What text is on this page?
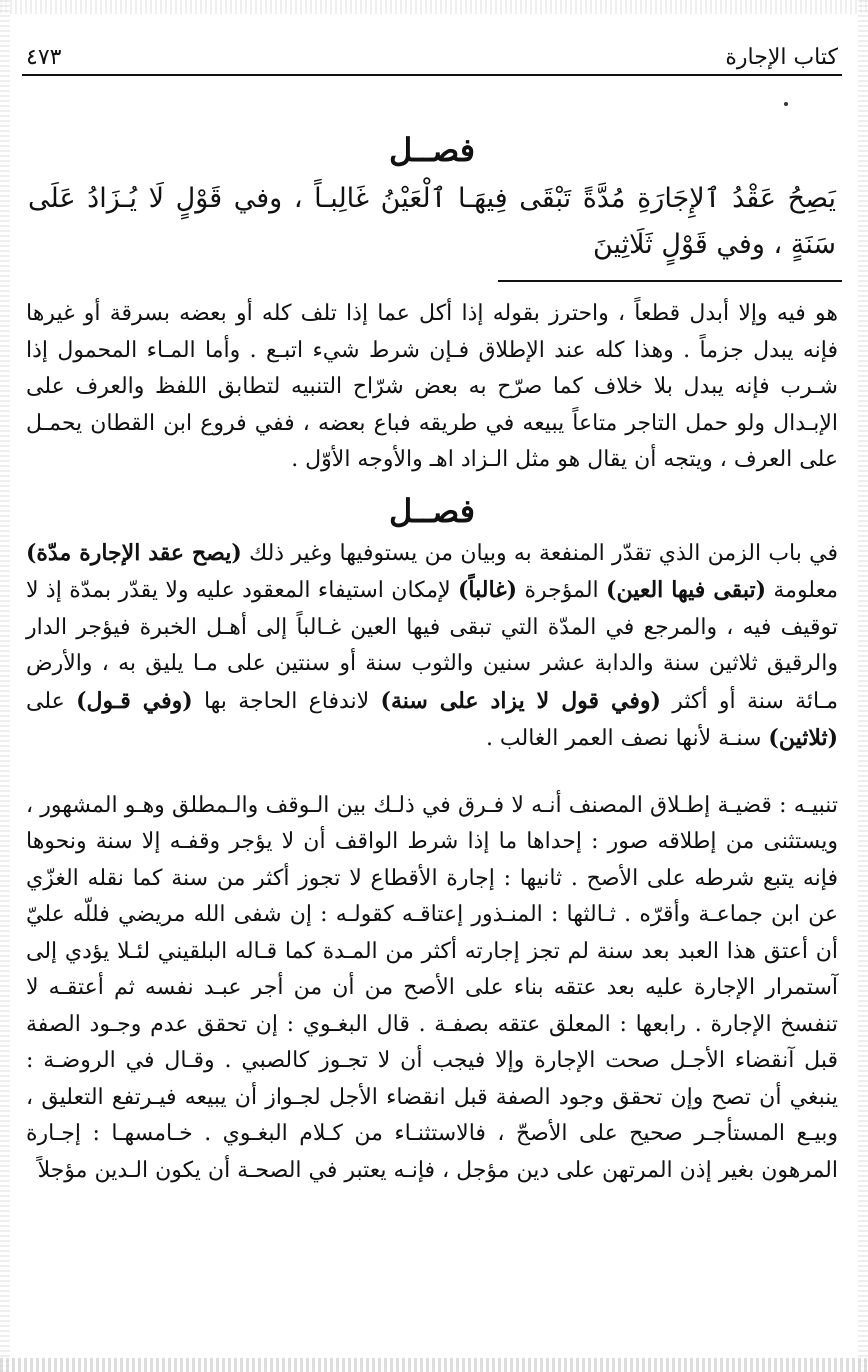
كتاب الإجارة
٤٧٣
فصــل

يَصِحُ عَقْدُ ٱلإِجَارَةِ مُدَّةً تَبْقَى فِيهَـا ٱلْعَيْنُ غَالِبـاً ، وفي قَوْلٍ لَا يُـزَادُ عَلَى سَنَةٍ ، وفي قَوْلٍ ثَلَاثِينَ

هو فيه وإلا أبدل قطعاً ، واحترز بقوله إذا أكل عما إذا تلف كله أو بعضه بسرقة أو غيرها فإنه يبدل جزماً . وهذا كله عند الإطلاق فـإن شرط شيء اتبـع . وأما المـاء المحمول إذا شـرب فإنه يبدل بلا خلاف كما صرّح به بعض شرّاح التنبيه لتطابق اللفظ والعرف على الإبـدال ولو حمل التاجر متاعاً يبيعه في طريقه فباع بعضه ، ففي فروع ابن القطان يحمـل على العرف ، ويتجه أن يقال هو مثل الـزاد اهـ والأوجه الأوّل .

فصــل

في باب الزمن الذي تقدّر المنفعة به وبيان من يستوفيها وغير ذلك (يصح عقد الإجارة مدّة) معلومة (تبقى فيها العين) المؤجرة (غالباً) لإمكان استيفاء المعقود عليه ولا يقدّر بمدّة إذ لا توقيف فيه ، والمرجع في المدّة التي تبقى فيها العين غـالباً إلى أهـل الخبرة فيؤجر الدار والرقيق ثلاثين سنة والدابة عشر سنين والثوب سنة أو سنتين على مـا يليق به ، والأرض مـائة سنة أو أكثر (وفي قول لا يزاد على سنة) لاندفاع الحاجة بها (وفي قـول) على (ثلاثين) سنـة لأنها نصف العمر الغالب .

تنبيـه : قضيـة إطـلاق المصنف أنـه لا فـرق في ذلـك بين الـوقف والـمطلق وهـو المشهور ، ويستثنى من إطلاقه صور : إحداها ما إذا شرط الواقف أن لا يؤجر وقفـه إلا سنة ونحوها فإنه يتبع شرطه على الأصح . ثانيها : إجارة الأقطاع لا تجوز أكثر من سنة كما نقله الغزّي عن ابن جماعـة وأقرّه . ثـالثها : المنـذور إعتاقـه كقولـه : إن شفى الله مريضي فللّه عليّ أن أعتق هذا العبد بعد سنة لم تجز إجارته أكثر من المـدة كما قـاله البلقيني لئـلا يؤدي إلى آستمرار الإجارة عليه بعد عتقه بناء على الأصح من أن من أجر عبـد نفسه ثم أعتقـه لا تنفسخ الإجارة . رابعها : المعلق عتقه بصفـة . قال البغـوي : إن تحقق عدم وجـود الصفة قبل آنقضاء الأجـل صحت الإجارة وإلا فيجب أن لا تجـوز كالصبي . وقـال في الروضـة : ينبغي أن تصح وإن تحقق وجود الصفة قبل انقضاء الأجل لجـواز أن يبيعه فيـرتفع التعليق ، وبيـع المستأجـر صحيح على الأصحّ ، فالاستثنـاء من كـلام البغـوي . خـامسهـا : إجـارة المرهون بغير إذن المرتهن على دين مؤجل ، فإنـه يعتبر في الصحـة أن يكون الـدين مؤجلاً
